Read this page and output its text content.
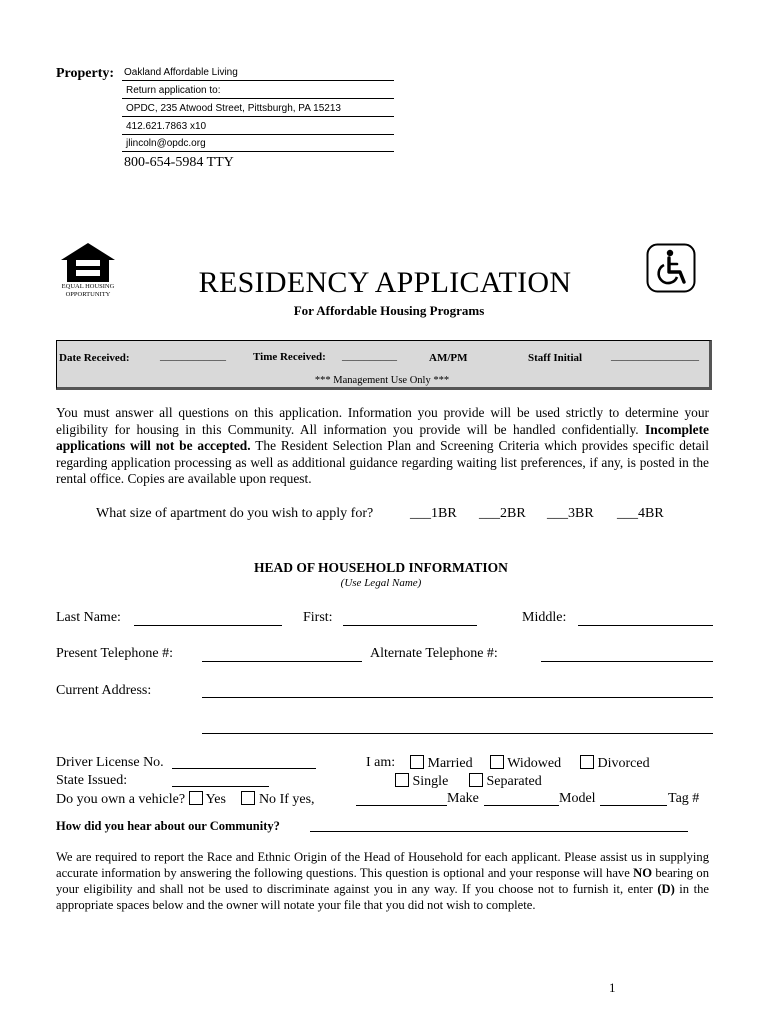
Property: Oakland Affordable Living
Return application to:
OPDC, 235 Atwood Street, Pittsburgh, PA 15213
412.621.7863 x10
jlincoln@opdc.org
800-654-5984 TTY
EQUAL HOUSING
OPPORTUNITY	RESIDENCY APPLICATION
For Affordable Housing Programs
Date Received:	____________ Time Received: __________	AM/PM	Staff Initial	________________
*** Management Use Only ***
You must answer all questions on this application. Information you provide will be used strictly to determine your eligibility for housing in this Community. All information you provide will be handled confidentially. Incomplete applications will not be accepted. The Resident Selection Plan and Screening Criteria which provides specific detail regarding application processing as well as additional guidance regarding waiting list preferences, if any, is posted in the rental office. Copies are available upon request.
What size of apartment do you wish to apply for?	___1BR ___2BR ___3BR ___4BR
HEAD OF HOUSEHOLD INFORMATION
(Use Legal Name)
Last Name:	First:	Middle:
Present Telephone #:	Alternate Telephone #:
Current Address:
Driver License No.
State Issued:
Do you own a vehicle? Yes No If yes,	Make	Model	Tag #
I am:	Married	Widowed	Divorced
Single	Separated
How did you hear about our Community?
We are required to report the Race and Ethnic Origin of the Head of Household for each applicant. Please assist us in supplying accurate information by answering the following questions. This question is optional and your response will have NO bearing on your eligibility and shall not be used to discriminate against you in any way. If you choose not to furnish it, enter (D) in the appropriate spaces below and the owner will notate your file that you did not wish to complete.
1
